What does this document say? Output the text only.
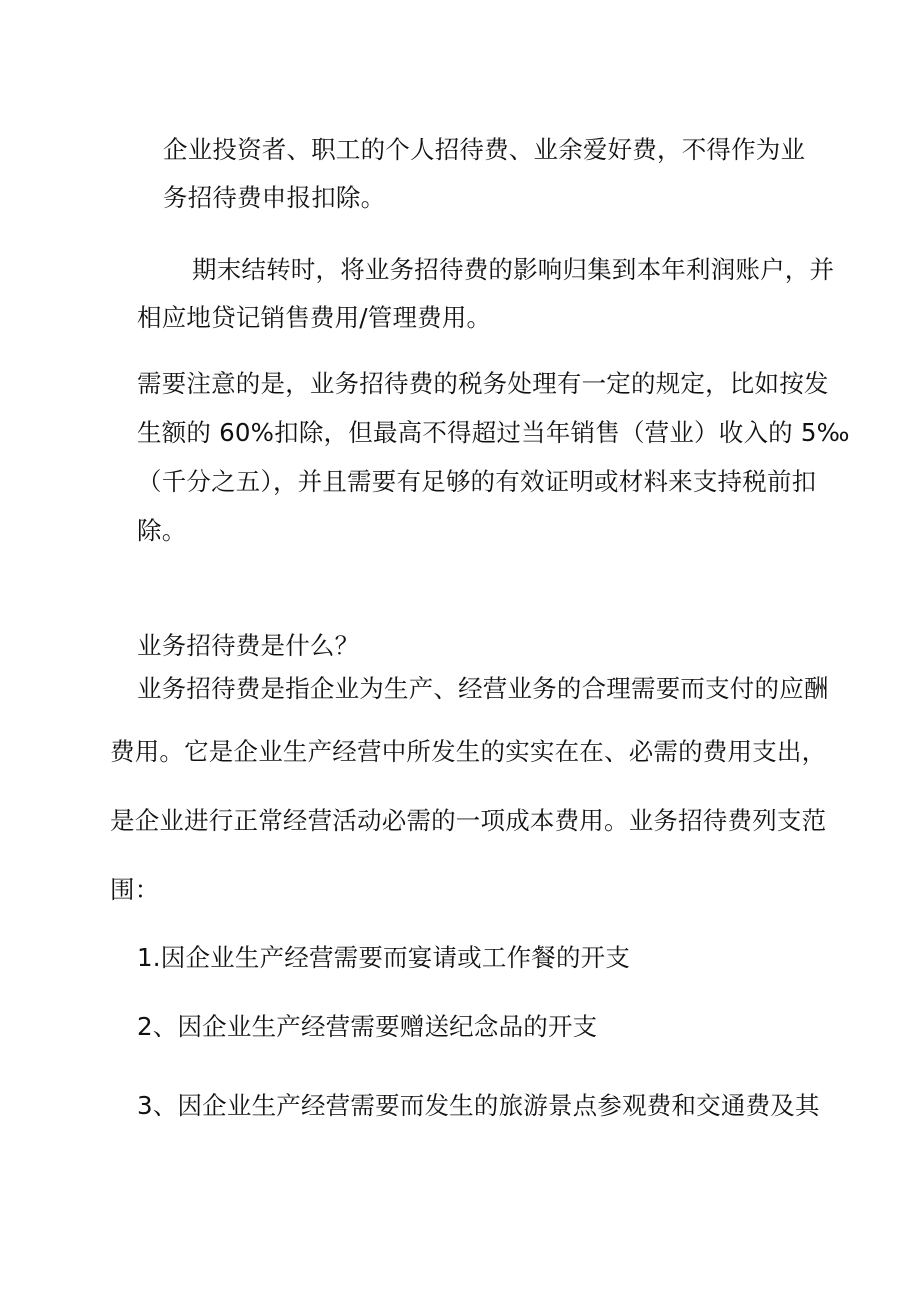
企业投资者、职工的个人招待费、业余爱好费，不得作为业
务招待费申报扣除。
期末结转时，将业务招待费的影响归集到本年利润账户，并
相应地贷记销售费用/管理费用。
需要注意的是，业务招待费的税务处理有一定的规定，比如按发
生额的 60%扣除，但最高不得超过当年销售（营业）收入的 5‰
（千分之五），并且需要有足够的有效证明或材料来支持税前扣
除。
业务招待费是什么？
业务招待费是指企业为生产、经营业务的合理需要而支付的应酬
费用。它是企业生产经营中所发生的实实在在、必需的费用支出，
是企业进行正常经营活动必需的一项成本费用。业务招待费列支范
围：
1.因企业生产经营需要而宴请或工作餐的开支
2、因企业生产经营需要赠送纪念品的开支
3、因企业生产经营需要而发生的旅游景点参观费和交通费及其
